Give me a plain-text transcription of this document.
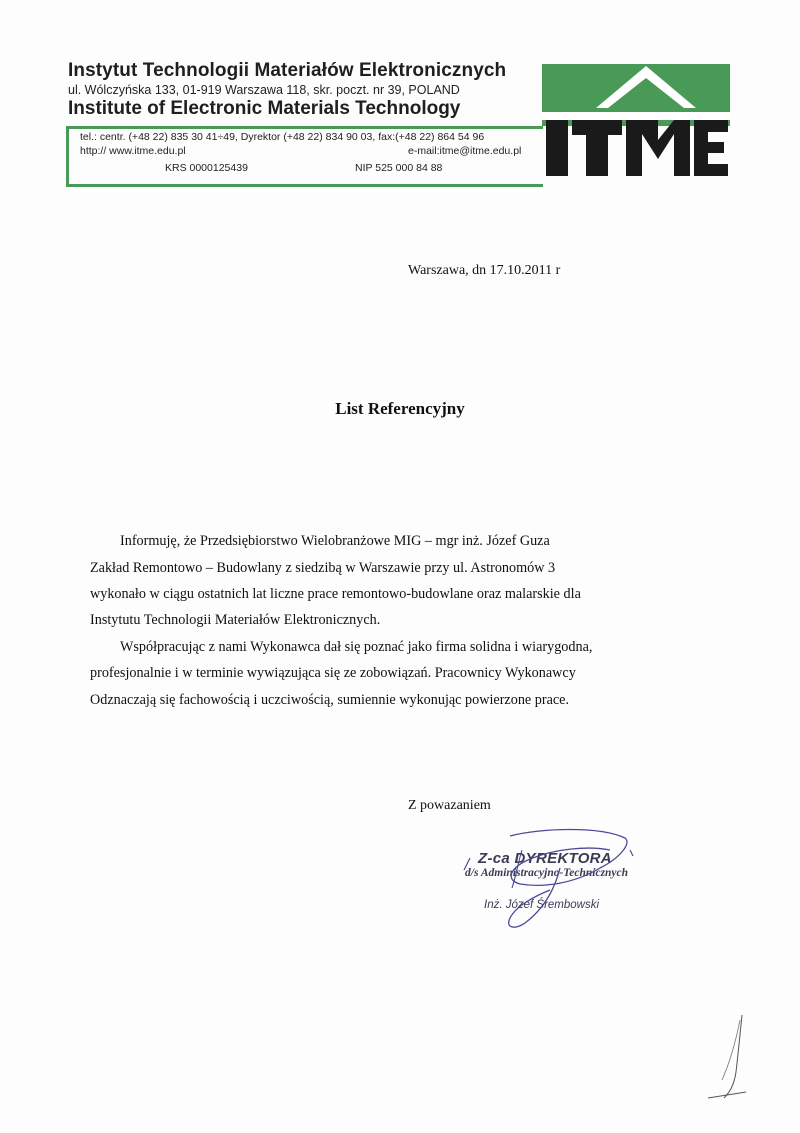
Instytut Technologii Materiałów Elektronicznych
ul. Wólczyńska 133, 01-919 Warszawa 118, skr. poczt. nr 39, POLAND
Institute of Electronic Materials Technology
tel.: centr. (+48 22) 835 30 41÷49, Dyrektor (+48 22) 834 90 03, fax:(+48 22) 864 54 96
http:// www.itme.edu.pl	e-mail:itme@itme.edu.pl
KRS 0000125439	NIP 525 000 84 88
Warszawa, dn 17.10.2011 r
List Referencyjny
Informuję, że Przedsiębiorstwo Wielobranżowe MIG – mgr inż. Józef Guza
Zakład Remontowo – Budowlany z siedzibą w Warszawie przy ul. Astronomów 3
wykonało w ciągu ostatnich lat liczne prace remontowo-budowlane oraz malarskie dla
Instytutu Technologii Materiałów Elektronicznych.
Współpracując z nami Wykonawca dał się poznać jako firma solidna i wiarygodna,
profesjonalnie i w terminie wywiązująca się ze zobowiązań. Pracownicy Wykonawcy
Odznaczają się fachowością i uczciwością, sumiennie wykonując powierzone prace.
Z powazaniem
Z-ca DYREKTORA
d/s Administracyjno-Technicznych
Inż. Józef Śrembowski
